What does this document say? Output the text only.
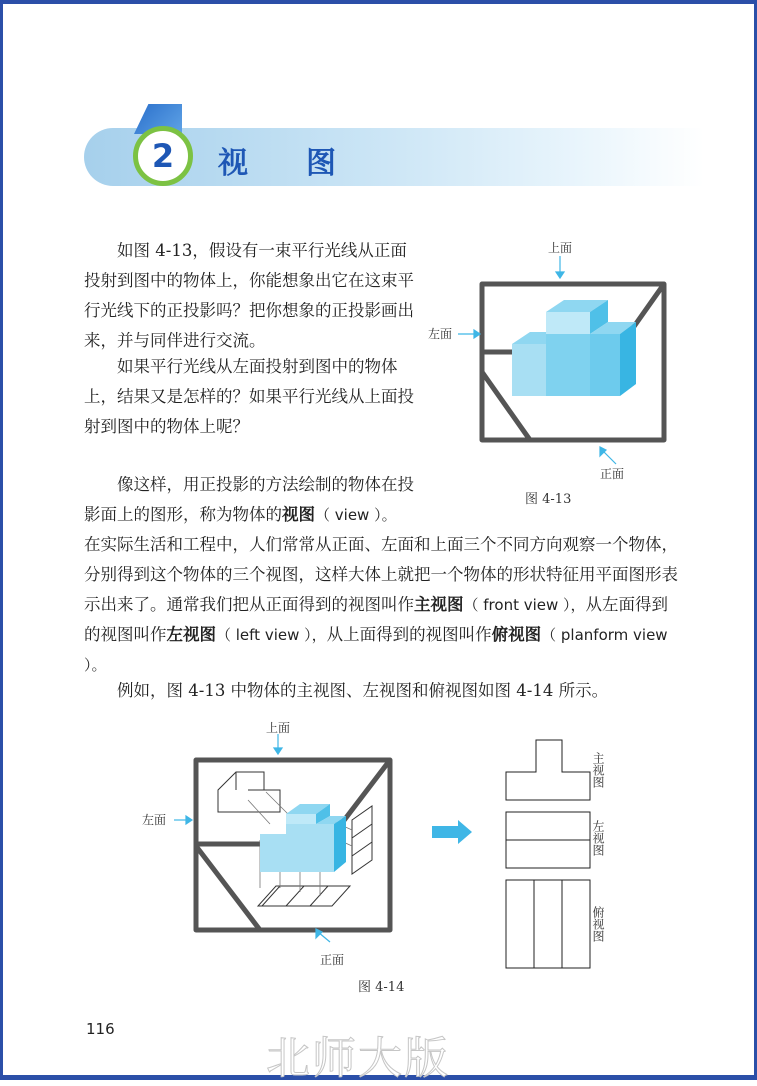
2 视图

如图 4-13，假设有一束平行光线从正面投射到图中的物体上，你能想象出它在这束平行光线下的正投影吗？把你想象的正投影画出来，并与同伴进行交流。

如果平行光线从左面投射到图中的物体上，结果又是怎样的？如果平行光线从上面投射到图中的物体上呢？

像这样，用正投影的方法绘制的物体在投影面上的图形，称为物体的视图（ view ）。

在实际生活和工程中，人们常常从正面、左面和上面三个不同方向观察一个物体，分别得到这个物体的三个视图，这样大体上就把一个物体的形状特征用平面图形表示出来了。通常我们把从正面得到的视图叫作主视图（ front view ），从左面得到的视图叫作左视图（ left view ），从上面得到的视图叫作俯视图（ planform view ）。

例如，图 4-13 中物体的主视图、左视图和俯视图如图 4-14 所示。

上面
左面
正面
图 4-13
上面
左面
正面
主视图
左视图
俯视图
图 4-14
116
北师大版
